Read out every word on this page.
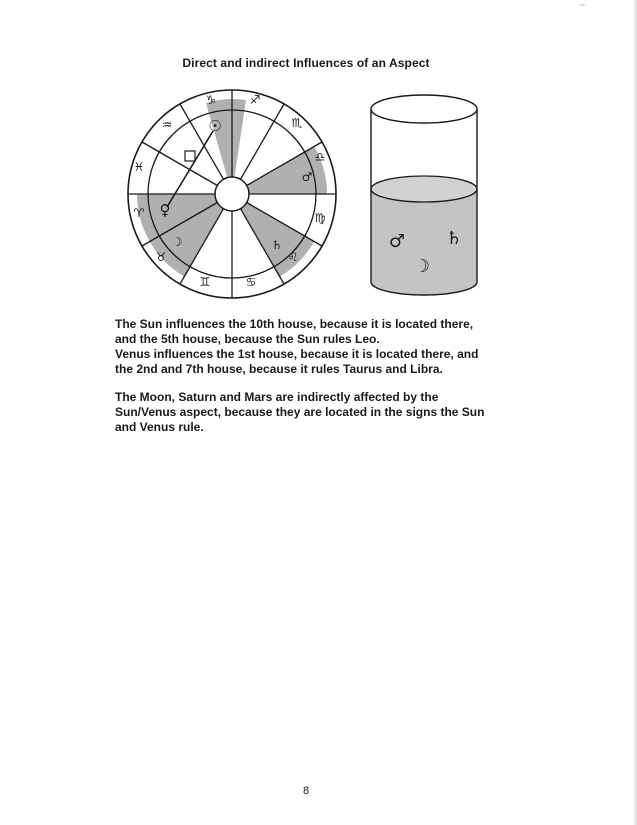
~
Direct and indirect Influences of an Aspect
♑	♐
♏
♎
♍
♌
♋
♊
♉
♈
♓
♒ ☉
♀
☽
♂
♄	♂ ♄
☽

The Sun influences the 10th house, because it is located there,
and the 5th house, because the Sun rules Leo.
Venus influences the 1st house, because it is located there, and
the 2nd and 7th house, because it rules Taurus and Libra.

The Moon, Saturn and Mars are indirectly affected by the
Sun/Venus aspect, because they are located in the signs the Sun
and Venus rule.

8
